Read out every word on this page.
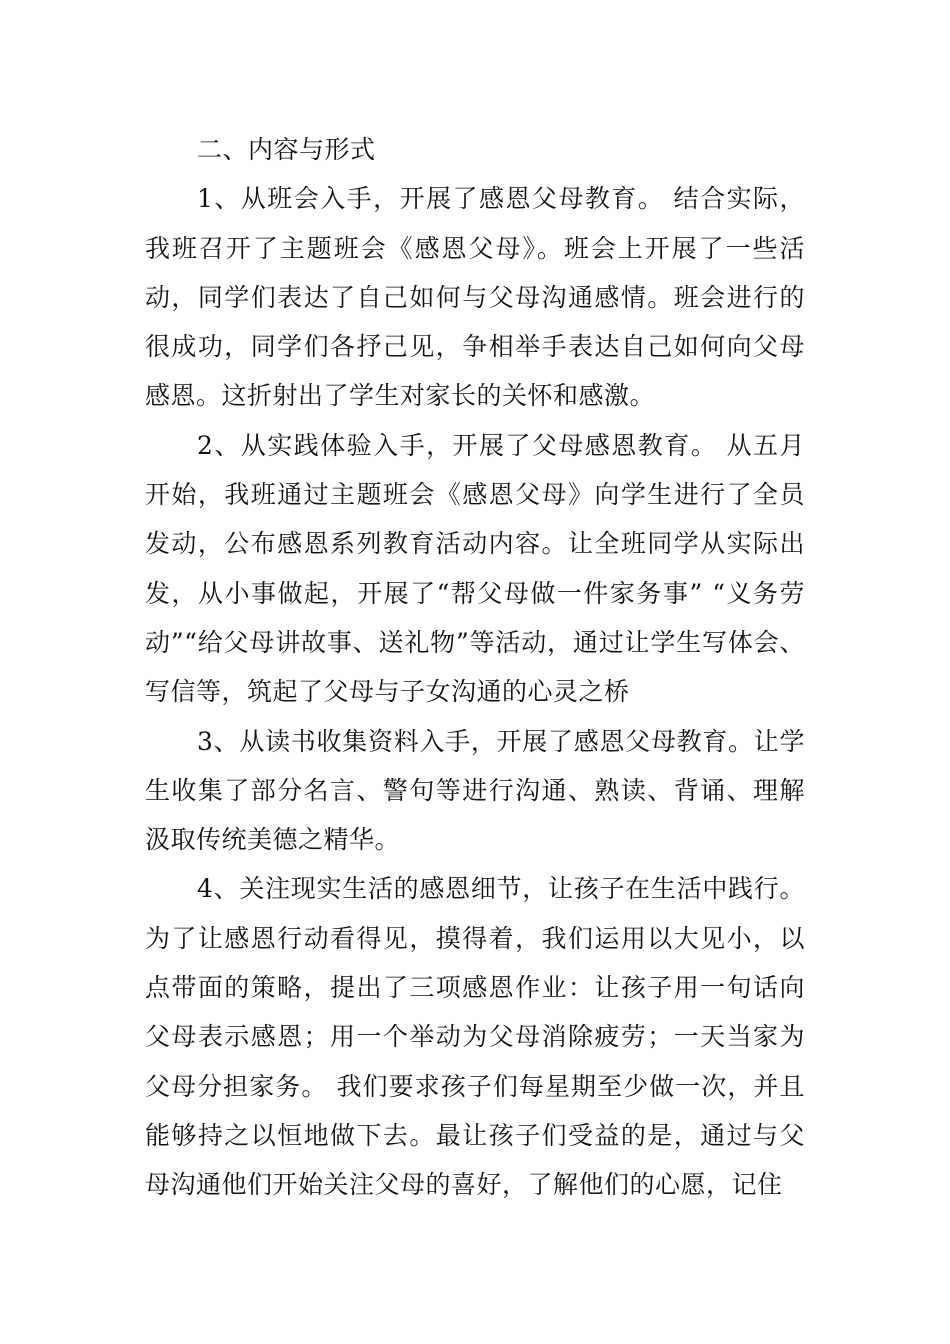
二、内容与形式

1、从班会入手，开展了感恩父母教育。 结合实际，我班召开了主题班会《感恩父母》。班会上开展了一些活动，同学们表达了自己如何与父母沟通感情。班会进行的很成功，同学们各抒己见，争相举手表达自己如何向父母感恩。这折射出了学生对家长的关怀和感激。

2、从实践体验入手，开展了父母感恩教育。 从五月开始，我班通过主题班会《感恩父母》向学生进行了全员发动，公布感恩系列教育活动内容。让全班同学从实际出发，从小事做起，开展了“帮父母做一件家务事” “义务劳动”“给父母讲故事、送礼物”等活动，通过让学生写体会、写信等，筑起了父母与子女沟通的心灵之桥

3、从读书收集资料入手，开展了感恩父母教育。让学生收集了部分名言、警句等进行沟通、熟读、背诵、理解汲取传统美德之精华。

4、关注现实生活的感恩细节，让孩子在生活中践行。为了让感恩行动看得见，摸得着，我们运用以大见小，以点带面的策略，提出了三项感恩作业：让孩子用一句话向父母表示感恩；用一个举动为父母消除疲劳；一天当家为父母分担家务。 我们要求孩子们每星期至少做一次，并且能够持之以恒地做下去。最让孩子们受益的是，通过与父母沟通他们开始关注父母的喜好，了解他们的心愿，记住
